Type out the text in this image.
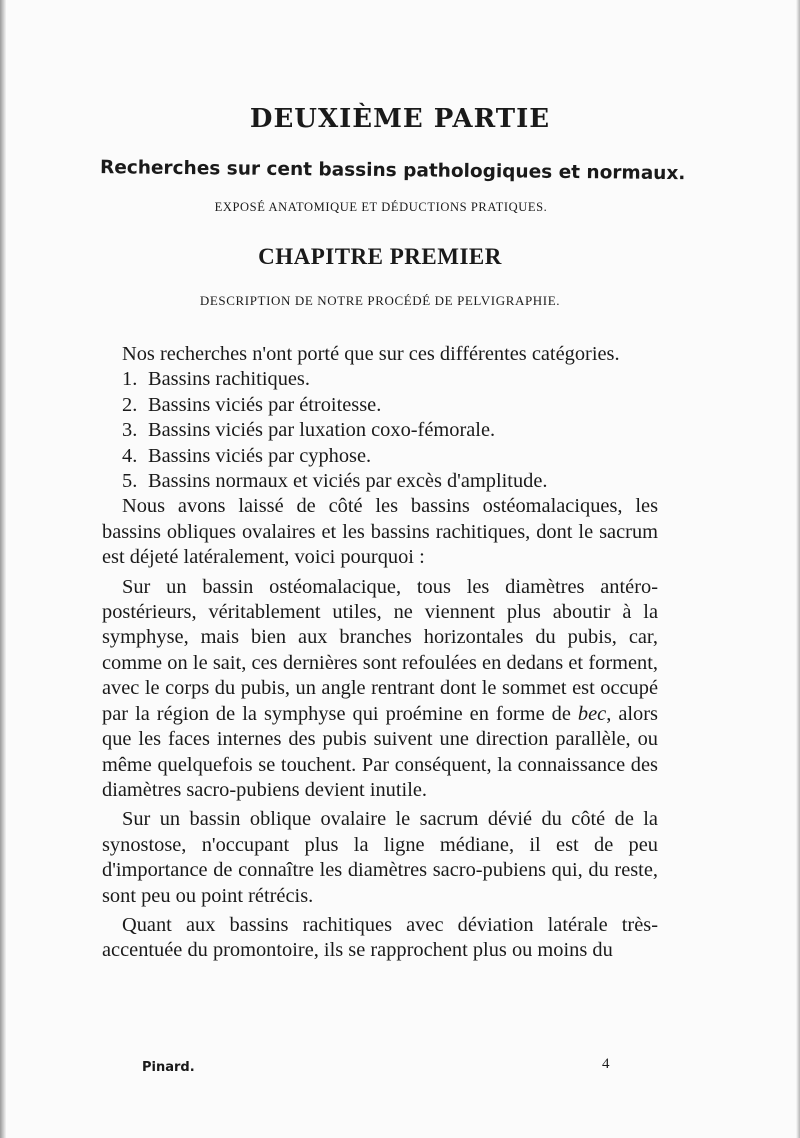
DEUXIÈME PARTIE
Recherches sur cent bassins pathologiques et normaux.

EXPOSÉ ANATOMIQUE ET DÉDUCTIONS PRATIQUES.

CHAPITRE PREMIER

DESCRIPTION DE NOTRE PROCÉDÉ DE PELVIGRAPHIE.

Nos recherches n'ont porté que sur ces différentes catégories.

1. Bassins rachitiques.

2. Bassins viciés par étroitesse.

3. Bassins viciés par luxation coxo-fémorale.

4. Bassins viciés par cyphose.

5. Bassins normaux et viciés par excès d'amplitude.

Nous avons laissé de côté les bassins ostéomalaciques, les bassins obliques ovalaires et les bassins rachitiques, dont le sacrum est déjeté latéralement, voici pourquoi :

Sur un bassin ostéomalacique, tous les diamètres antéro-postérieurs, véritablement utiles, ne viennent plus aboutir à la symphyse, mais bien aux branches horizontales du pubis, car, comme on le sait, ces dernières sont refoulées en dedans et forment, avec le corps du pubis, un angle rentrant dont le sommet est occupé par la région de la symphyse qui proémine en forme de bec, alors que les faces internes des pubis suivent une direction parallèle, ou même quelquefois se touchent. Par conséquent, la connaissance des diamètres sacro-pubiens devient inutile.

Sur un bassin oblique ovalaire le sacrum dévié du côté de la synostose, n'occupant plus la ligne médiane, il est de peu d'importance de connaître les diamètres sacro-pubiens qui, du reste, sont peu ou point rétrécis.

Quant aux bassins rachitiques avec déviation latérale très-accentuée du promontoire, ils se rapprochent plus ou moins du

Pinard.	4
